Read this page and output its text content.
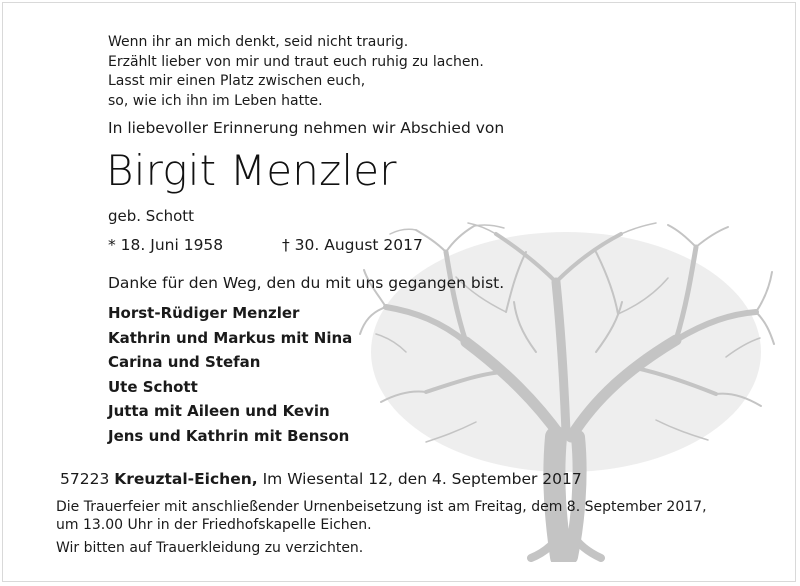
Wenn ihr an mich denkt, seid nicht traurig.
Erzählt lieber von mir und traut euch ruhig zu lachen.
Lasst mir einen Platz zwischen euch,
so, wie ich ihn im Leben hatte.
In liebevoller Erinnerung nehmen wir Abschied von
Birgit Menzler
geb. Schott
* 18. Juni 1958	† 30. August 2017
Danke für den Weg, den du mit uns gegangen bist.
Horst-Rüdiger Menzler
Kathrin und Markus mit Nina
Carina und Stefan
Ute Schott
Jutta mit Aileen und Kevin
Jens und Kathrin mit Benson
57223 Kreuztal-Eichen, Im Wiesental 12, den 4. September 2017
Die Trauerfeier mit anschließender Urnenbeisetzung ist am Freitag, dem 8. September 2017,
um 13.00 Uhr in der Friedhofskapelle Eichen.
Wir bitten auf Trauerkleidung zu verzichten.
